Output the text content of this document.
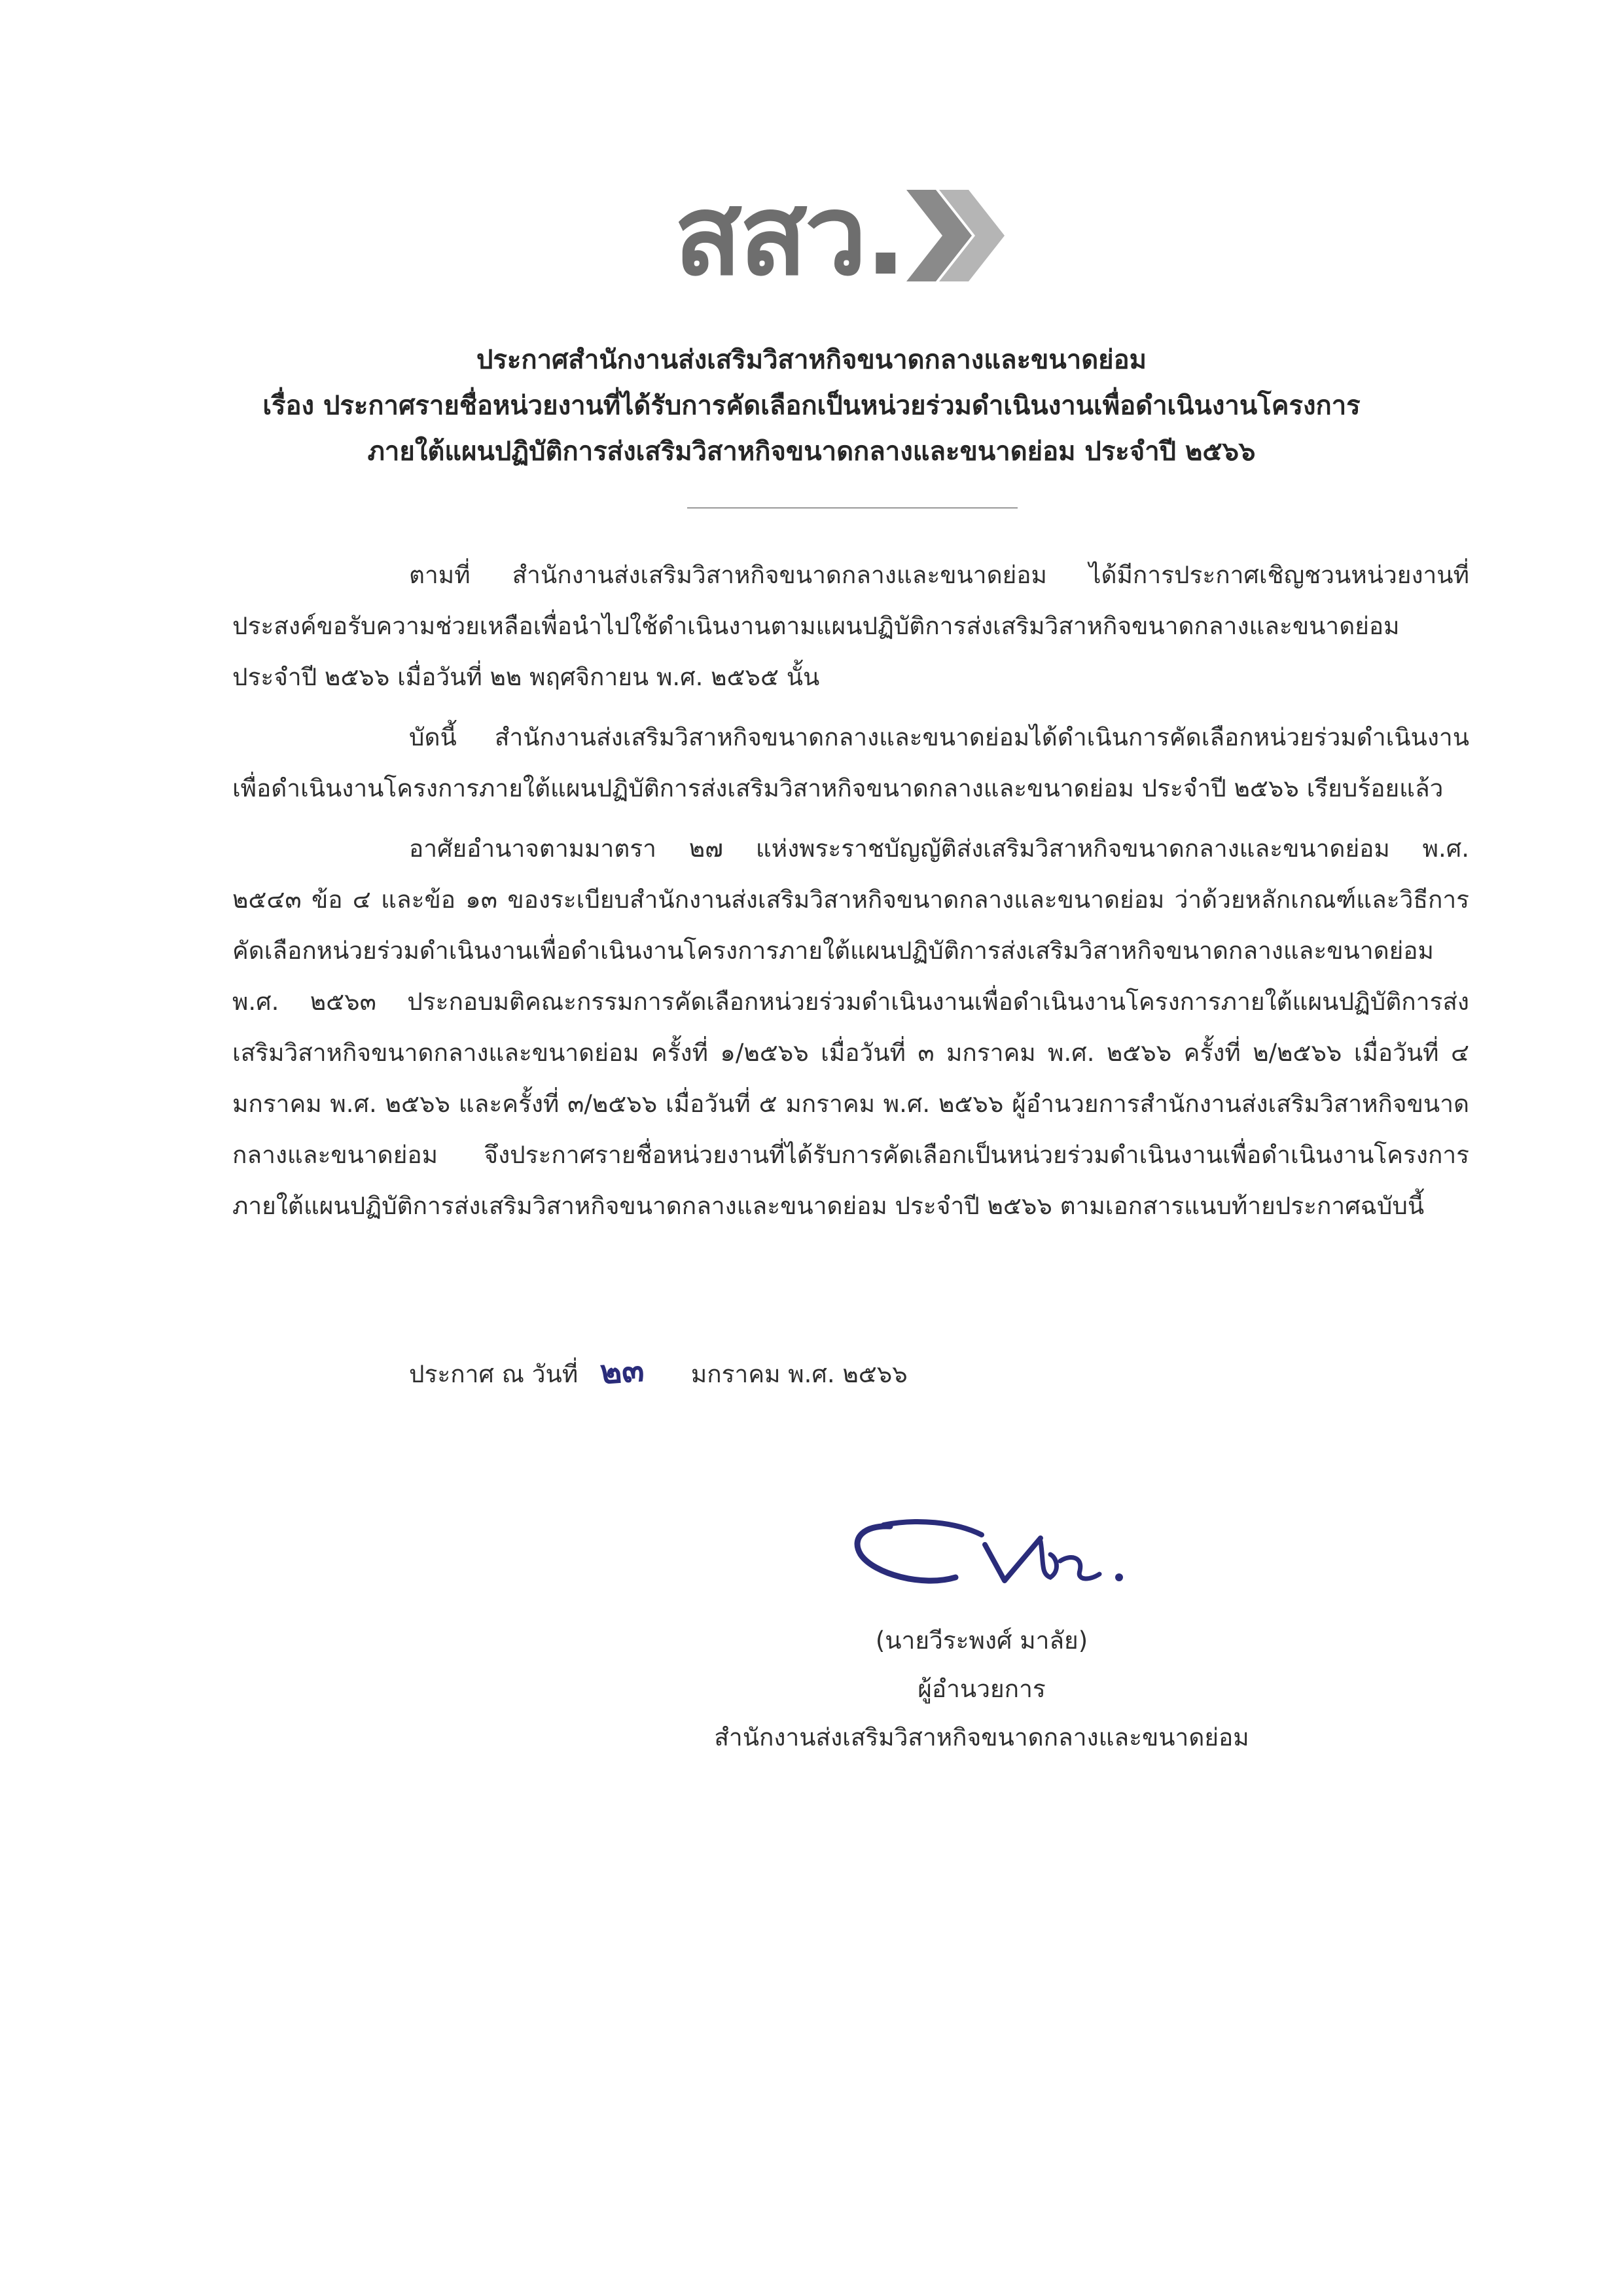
สสว.
ประกาศสำนักงานส่งเสริมวิสาหกิจขนาดกลางและขนาดย่อม
เรื่อง ประกาศรายชื่อหน่วยงานที่ได้รับการคัดเลือกเป็นหน่วยร่วมดำเนินงานเพื่อดำเนินงานโครงการ
ภายใต้แผนปฏิบัติการส่งเสริมวิสาหกิจขนาดกลางและขนาดย่อม ประจำปี ๒๕๖๖

ตามที่ สำนักงานส่งเสริมวิสาหกิจขนาดกลางและขนาดย่อม ได้มีการประกาศเชิญชวนหน่วยงานที่ประสงค์ขอรับความช่วยเหลือเพื่อนำไปใช้ดำเนินงานตามแผนปฏิบัติการส่งเสริมวิสาหกิจขนาดกลางและขนาดย่อม ประจำปี ๒๕๖๖ เมื่อวันที่ ๒๒ พฤศจิกายน พ.ศ. ๒๕๖๕ นั้น

บัดนี้ สำนักงานส่งเสริมวิสาหกิจขนาดกลางและขนาดย่อมได้ดำเนินการคัดเลือกหน่วยร่วมดำเนินงานเพื่อดำเนินงานโครงการภายใต้แผนปฏิบัติการส่งเสริมวิสาหกิจขนาดกลางและขนาดย่อม ประจำปี ๒๕๖๖ เรียบร้อยแล้ว

อาศัยอำนาจตามมาตรา ๒๗ แห่งพระราชบัญญัติส่งเสริมวิสาหกิจขนาดกลางและขนาดย่อม พ.ศ. ๒๕๔๓ ข้อ ๔ และข้อ ๑๓ ของระเบียบสำนักงานส่งเสริมวิสาหกิจขนาดกลางและขนาดย่อม ว่าด้วยหลักเกณฑ์และวิธีการคัดเลือกหน่วยร่วมดำเนินงานเพื่อดำเนินงานโครงการภายใต้แผนปฏิบัติการส่งเสริมวิสาหกิจขนาดกลางและขนาดย่อม พ.ศ. ๒๕๖๓ ประกอบมติคณะกรรมการคัดเลือกหน่วยร่วมดำเนินงานเพื่อดำเนินงานโครงการภายใต้แผนปฏิบัติการส่งเสริมวิสาหกิจขนาดกลางและขนาดย่อม ครั้งที่ ๑/๒๕๖๖ เมื่อวันที่ ๓ มกราคม พ.ศ. ๒๕๖๖ ครั้งที่ ๒/๒๕๖๖ เมื่อวันที่ ๔ มกราคม พ.ศ. ๒๕๖๖ และครั้งที่ ๓/๒๕๖๖ เมื่อวันที่ ๕ มกราคม พ.ศ. ๒๕๖๖ ผู้อำนวยการสำนักงานส่งเสริมวิสาหกิจขนาดกลางและขนาดย่อม จึงประกาศรายชื่อหน่วยงานที่ได้รับการคัดเลือกเป็นหน่วยร่วมดำเนินงานเพื่อดำเนินงานโครงการภายใต้แผนปฏิบัติการส่งเสริมวิสาหกิจขนาดกลางและขนาดย่อม ประจำปี ๒๕๖๖ ตามเอกสารแนบท้ายประกาศฉบับนี้

ประกาศ ณ วันที่ ๒๓ มกราคม พ.ศ. ๒๕๖๖
(นายวีระพงศ์ มาลัย)
ผู้อำนวยการ
สำนักงานส่งเสริมวิสาหกิจขนาดกลางและขนาดย่อม
